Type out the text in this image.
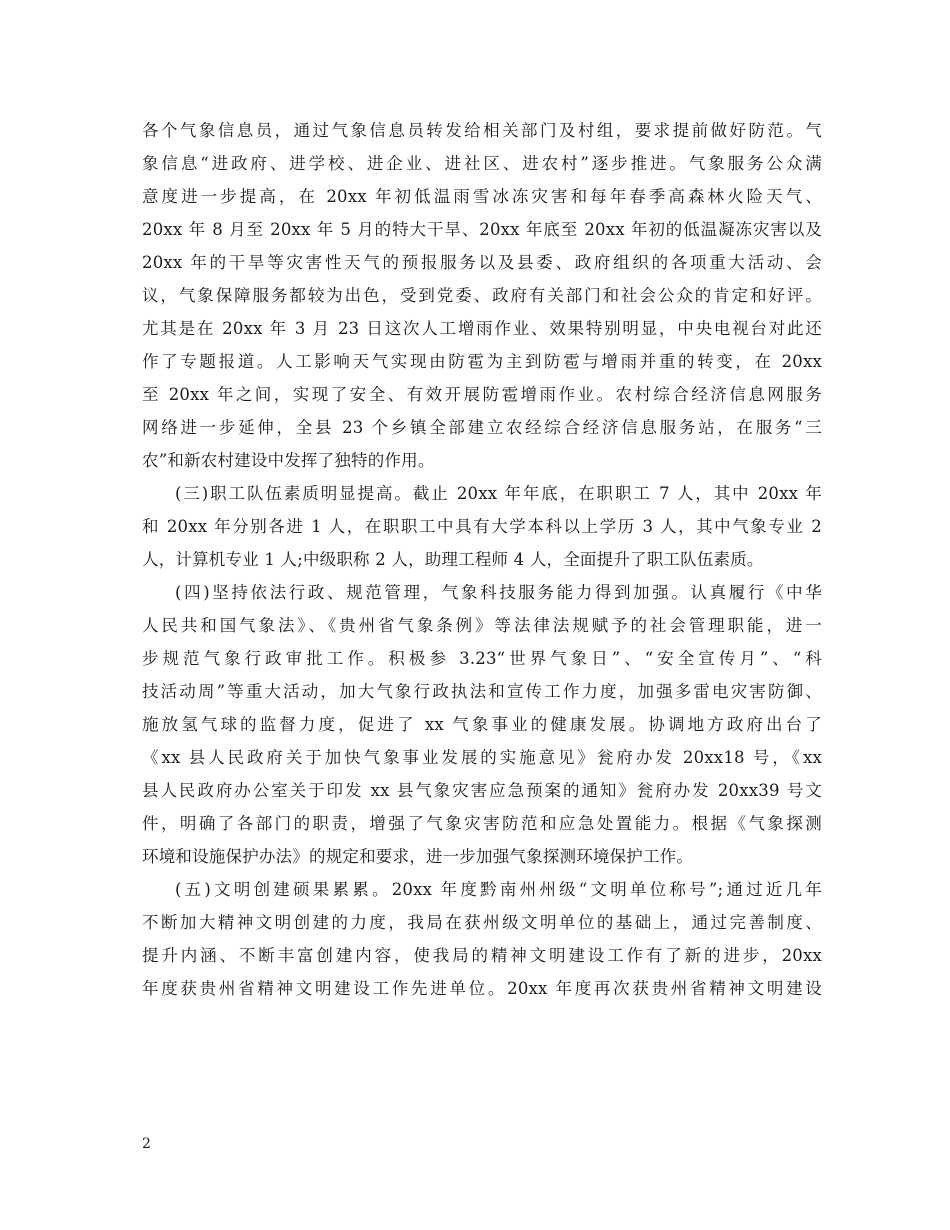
各个气象信息员，通过气象信息员转发给相关部门及村组，要求提前做好防范。气
象信息“进政府、进学校、进企业、进社区、进农村”逐步推进。气象服务公众满
意度进一步提高，在 20xx 年初低温雨雪冰冻灾害和每年春季高森林火险天气、
20xx 年 8 月至 20xx 年 5 月的特大干旱、20xx 年底至 20xx 年初的低温凝冻灾害以及
20xx 年的干旱等灾害性天气的预报服务以及县委、政府组织的各项重大活动、会
议，气象保障服务都较为出色，受到党委、政府有关部门和社会公众的肯定和好评。
尤其是在 20xx 年 3 月 23 日这次人工增雨作业、效果特别明显，中央电视台对此还
作了专题报道。人工影响天气实现由防雹为主到防雹与增雨并重的转变，在 20xx
至 20xx 年之间，实现了安全、有效开展防雹增雨作业。农村综合经济信息网服务
网络进一步延伸，全县 23 个乡镇全部建立农经综合经济信息服务站，在服务“三
农”和新农村建设中发挥了独特的作用。
(三)职工队伍素质明显提高。截止 20xx 年年底，在职职工 7 人，其中 20xx 年
和 20xx 年分别各进 1 人，在职职工中具有大学本科以上学历 3 人，其中气象专业 2
人，计算机专业 1 人;中级职称 2 人，助理工程师 4 人，全面提升了职工队伍素质。
(四)坚持依法行政、规范管理，气象科技服务能力得到加强。认真履行《中华
人民共和国气象法》、《贵州省气象条例》等法律法规赋予的社会管理职能，进一
步规范气象行政审批工作。积极参 3.23“世界气象日”、“安全宣传月”、“科
技活动周”等重大活动，加大气象行政执法和宣传工作力度，加强多雷电灾害防御、
施放氢气球的监督力度，促进了 xx 气象事业的健康发展。协调地方政府出台了
《xx 县人民政府关于加快气象事业发展的实施意见》瓮府办发 20xx18 号，《xx
县人民政府办公室关于印发 xx 县气象灾害应急预案的通知》瓮府办发 20xx39 号文
件，明确了各部门的职责，增强了气象灾害防范和应急处置能力。根据《气象探测
环境和设施保护办法》的规定和要求，进一步加强气象探测环境保护工作。
(五)文明创建硕果累累。20xx 年度黔南州州级“文明单位称号”;通过近几年
不断加大精神文明创建的力度，我局在获州级文明单位的基础上，通过完善制度、
提升内涵、不断丰富创建内容，使我局的精神文明建设工作有了新的进步，20xx
年度获贵州省精神文明建设工作先进单位。20xx 年度再次获贵州省精神文明建设
2
